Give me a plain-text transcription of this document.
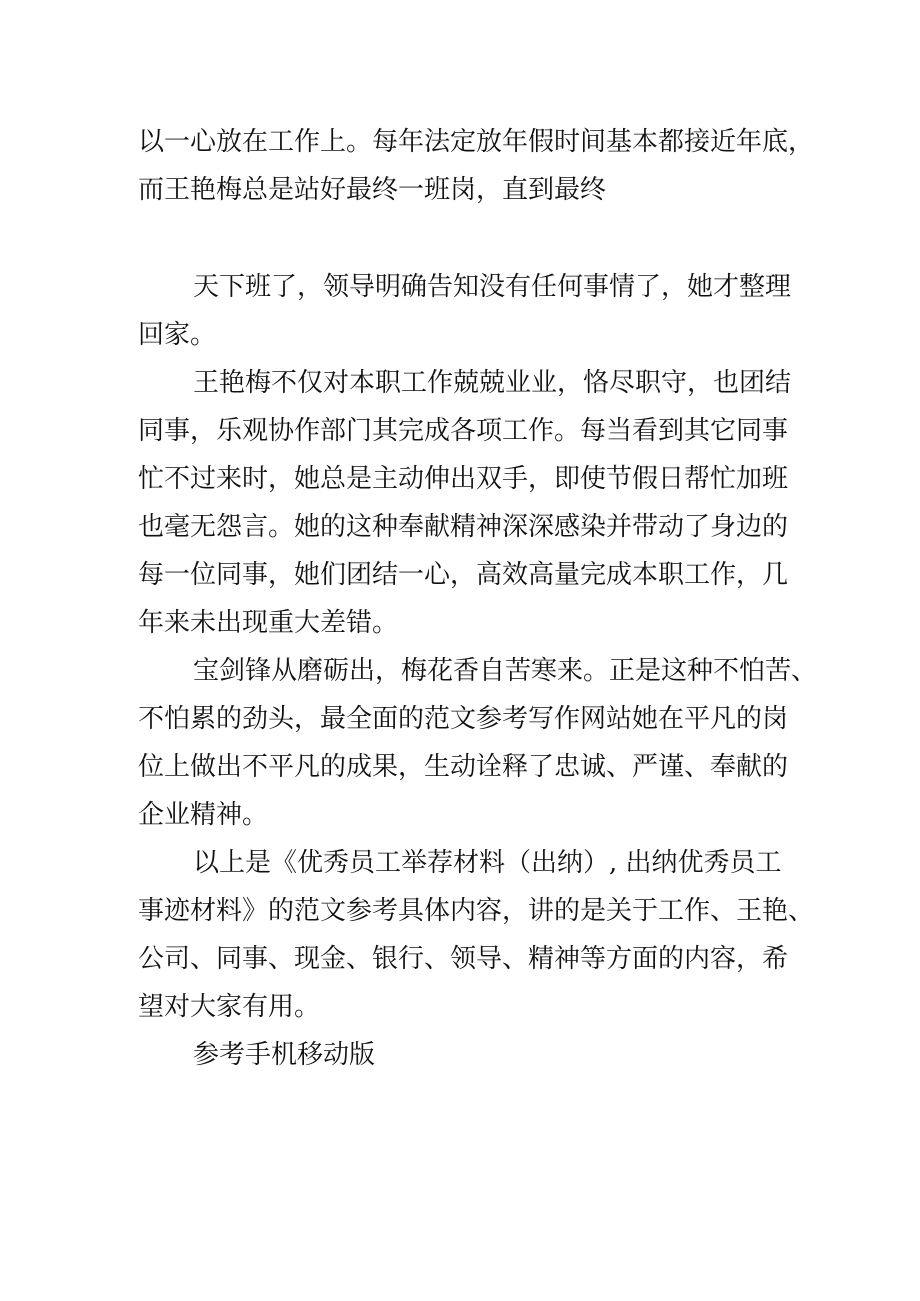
以一心放在工作上。每年法定放年假时间基本都接近年底，
而王艳梅总是站好最终一班岗，直到最终
天下班了，领导明确告知没有任何事情了，她才整理
回家。
王艳梅不仅对本职工作兢兢业业，恪尽职守，也团结
同事，乐观协作部门其完成各项工作。每当看到其它同事
忙不过来时，她总是主动伸出双手，即使节假日帮忙加班
也毫无怨言。她的这种奉献精神深深感染并带动了身边的
每一位同事，她们团结一心，高效高量完成本职工作，几
年来未出现重大差错。
宝剑锋从磨砺出，梅花香自苦寒来。正是这种不怕苦、
不怕累的劲头，最全面的范文参考写作网站她在平凡的岗
位上做出不平凡的成果，生动诠释了忠诚、严谨、奉献的
企业精神。
以上是《优秀员工举荐材料（出纳）, 出纳优秀员工
事迹材料》的范文参考具体内容，讲的是关于工作、王艳、
公司、同事、现金、银行、领导、精神等方面的内容，希
望对大家有用。
参考手机移动版
